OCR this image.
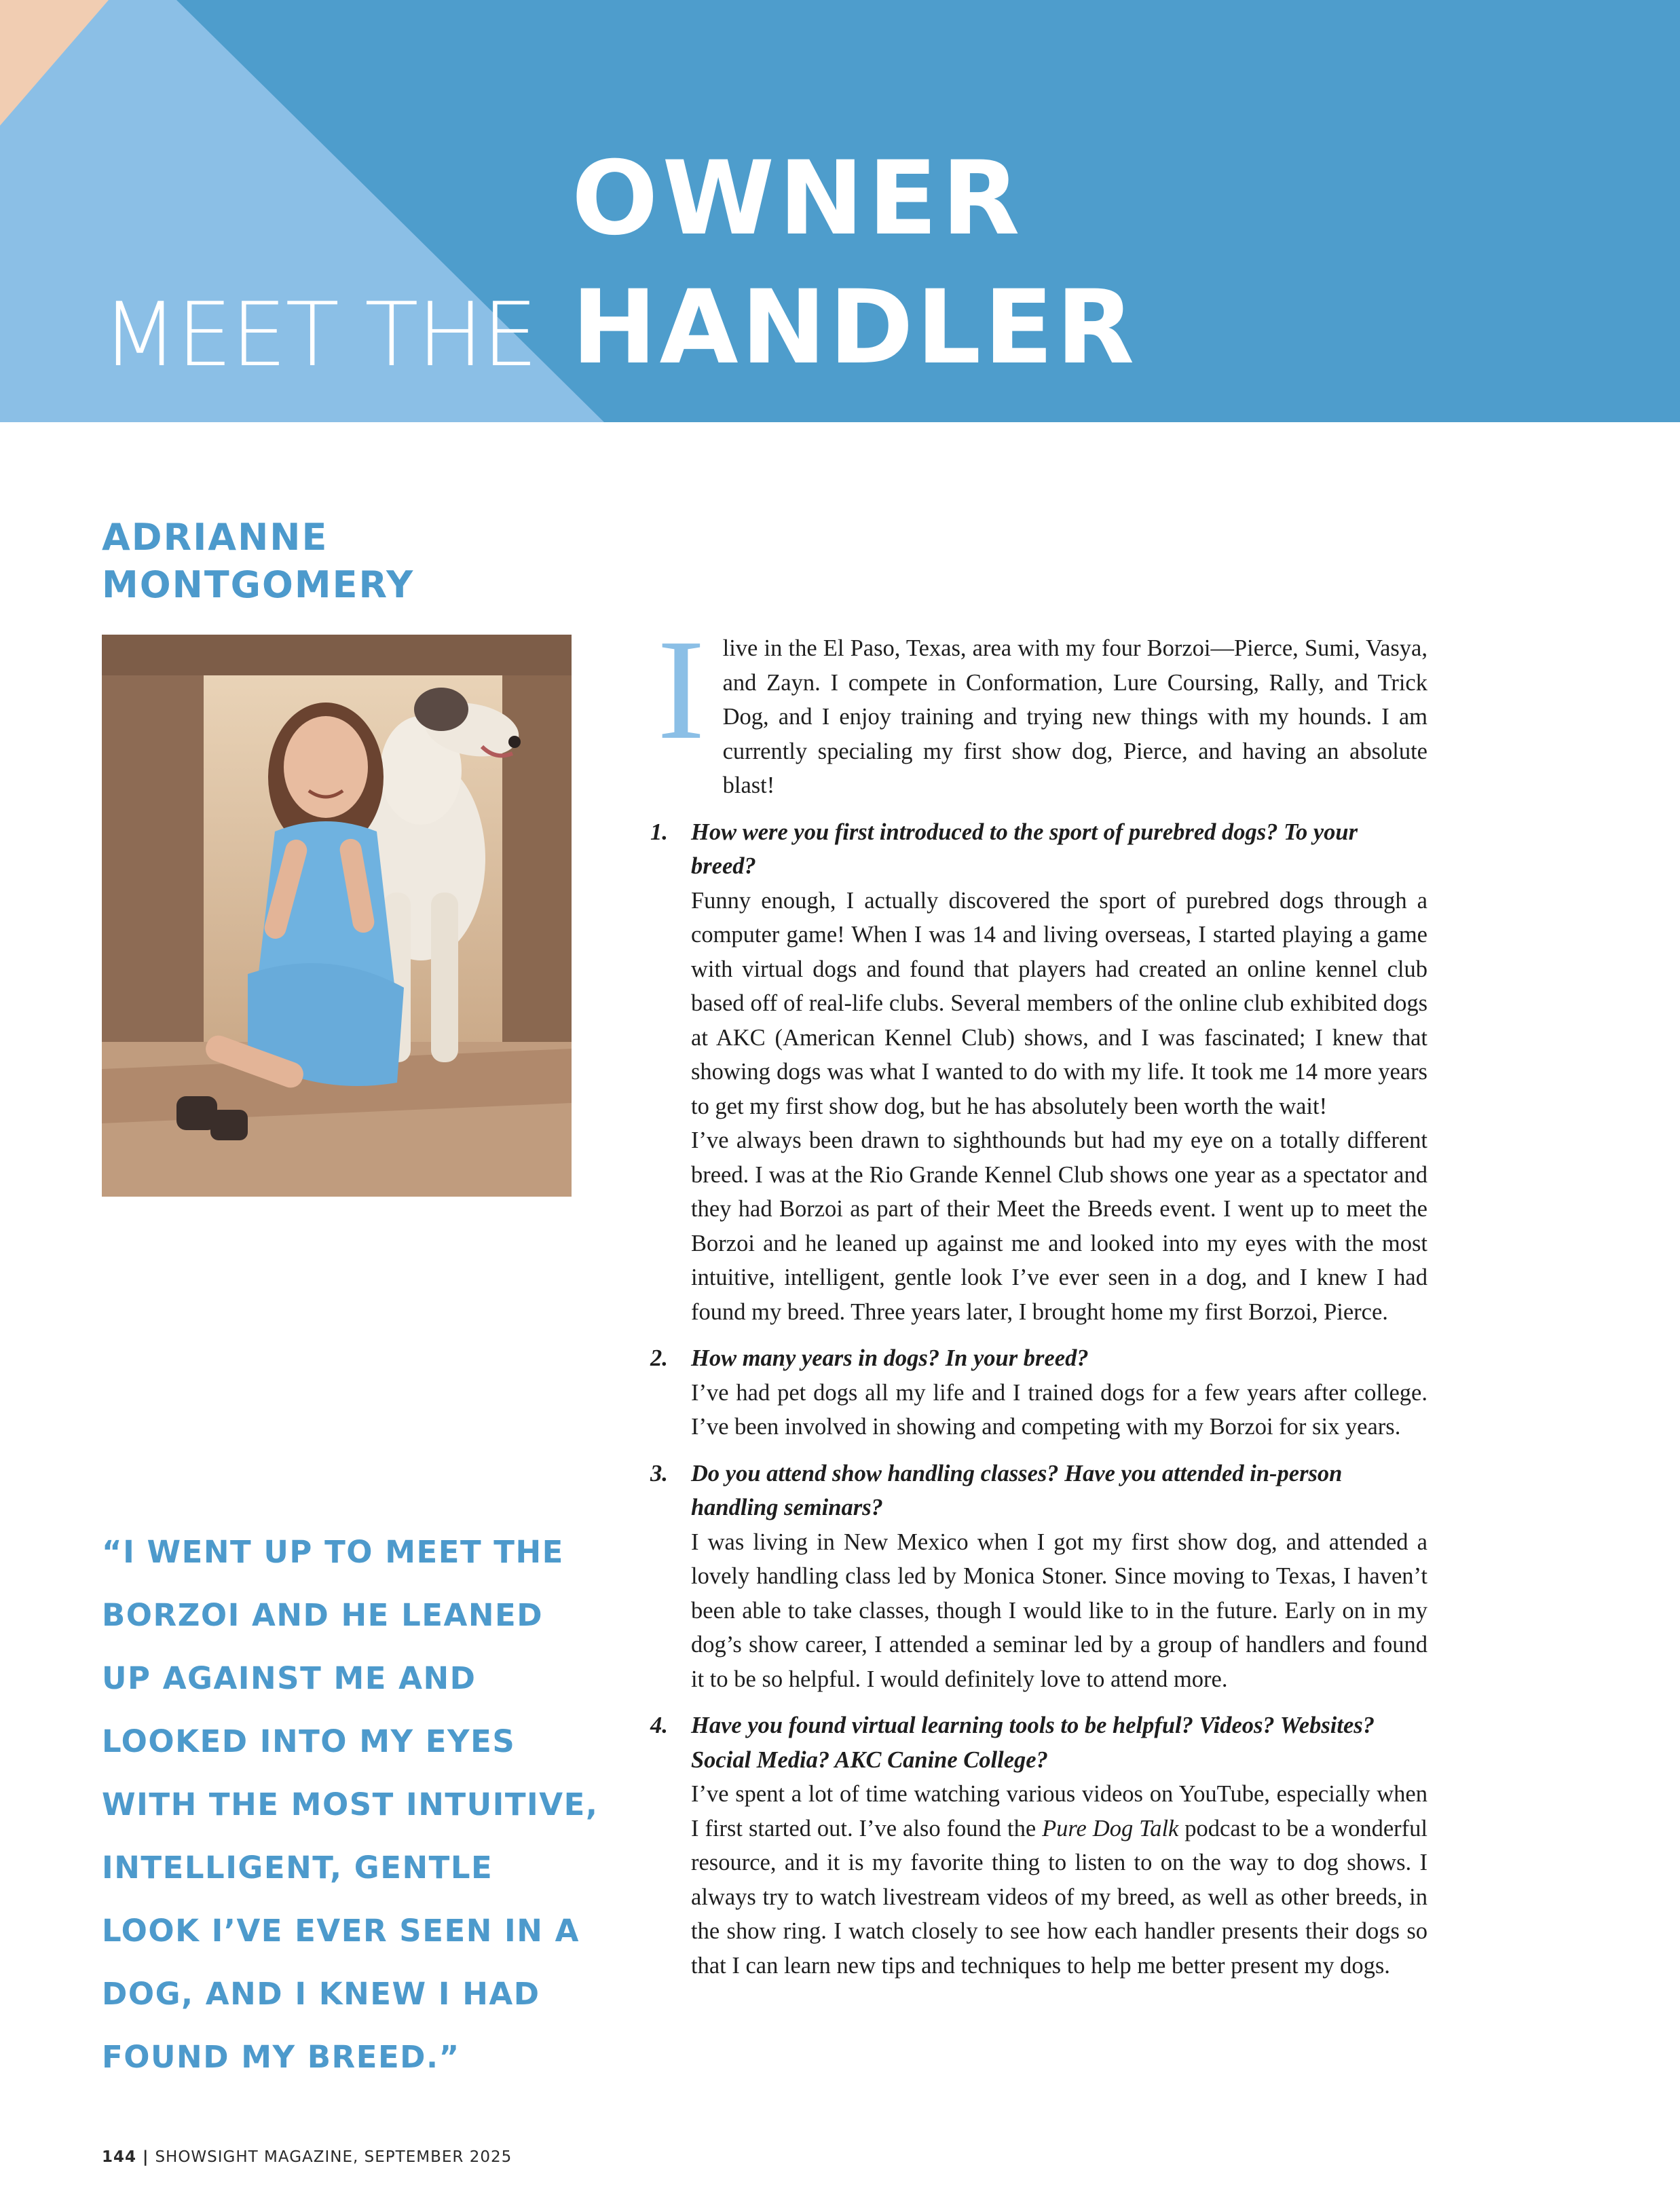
OWNER
HANDLER
MEET THE
ADRIANNE
MONTGOMERY
“I WENT UP TO MEET THE
BORZOI AND HE LEANED
UP AGAINST ME AND
LOOKED INTO MY EYES
WITH THE MOST INTUITIVE,
INTELLIGENT, GENTLE
LOOK I’VE EVER SEEN IN A
DOG, AND I KNEW I HAD
FOUND MY BREED.”

Ilive in the El Paso, Texas, area with my four Borzoi—Pierce, Sumi, Vasya, and Zayn. I compete in Conformation, Lure Coursing, Rally, and Trick Dog, and I enjoy training and trying new things with my hounds. I am currently specialing my first show dog, Pierce, and having an absolute blast!

1. How were you first introduced to the sport of purebred dogs? To your breed?

Funny enough, I actually discovered the sport of purebred dogs through a computer game! When I was 14 and living overseas, I started playing a game with virtual dogs and found that players had created an online kennel club based off of real-life clubs. Several members of the online club exhibited dogs at AKC (American Kennel Club) shows, and I was fascinated; I knew that showing dogs was what I wanted to do with my life. It took me 14 more years to get my first show dog, but he has absolutely been worth the wait!

I’ve always been drawn to sighthounds but had my eye on a totally different breed. I was at the Rio Grande Kennel Club shows one year as a spectator and they had Borzoi as part of their Meet the Breeds event. I went up to meet the Borzoi and he leaned up against me and looked into my eyes with the most intuitive, intelligent, gentle look I’ve ever seen in a dog, and I knew I had found my breed. Three years later, I brought home my first Borzoi, Pierce.

2. How many years in dogs? In your breed?

I’ve had pet dogs all my life and I trained dogs for a few years after college. I’ve been involved in showing and competing with my Borzoi for six years.

3. Do you attend show handling classes? Have you attended in-person handling seminars?

I was living in New Mexico when I got my first show dog, and attended a lovely handling class led by Monica Stoner. Since moving to Texas, I haven’t been able to take classes, though I would like to in the future. Early on in my dog’s show career, I attended a seminar led by a group of handlers and found it to be so helpful. I would definitely love to attend more.

4. Have you found virtual learning tools to be helpful? Videos? Websites? Social Media? AKC Canine College?

I’ve spent a lot of time watching various videos on YouTube, especially when I first started out. I’ve also found the Pure Dog Talk podcast to be a wonderful resource, and it is my favorite thing to listen to on the way to dog shows. I always try to watch livestream videos of my breed, as well as other breeds, in the show ring. I watch closely to see how each handler presents their dogs so that I can learn new tips and techniques to help me better present my dogs.

144 | SHOWSIGHT MAGAZINE, SEPTEMBER 2025
